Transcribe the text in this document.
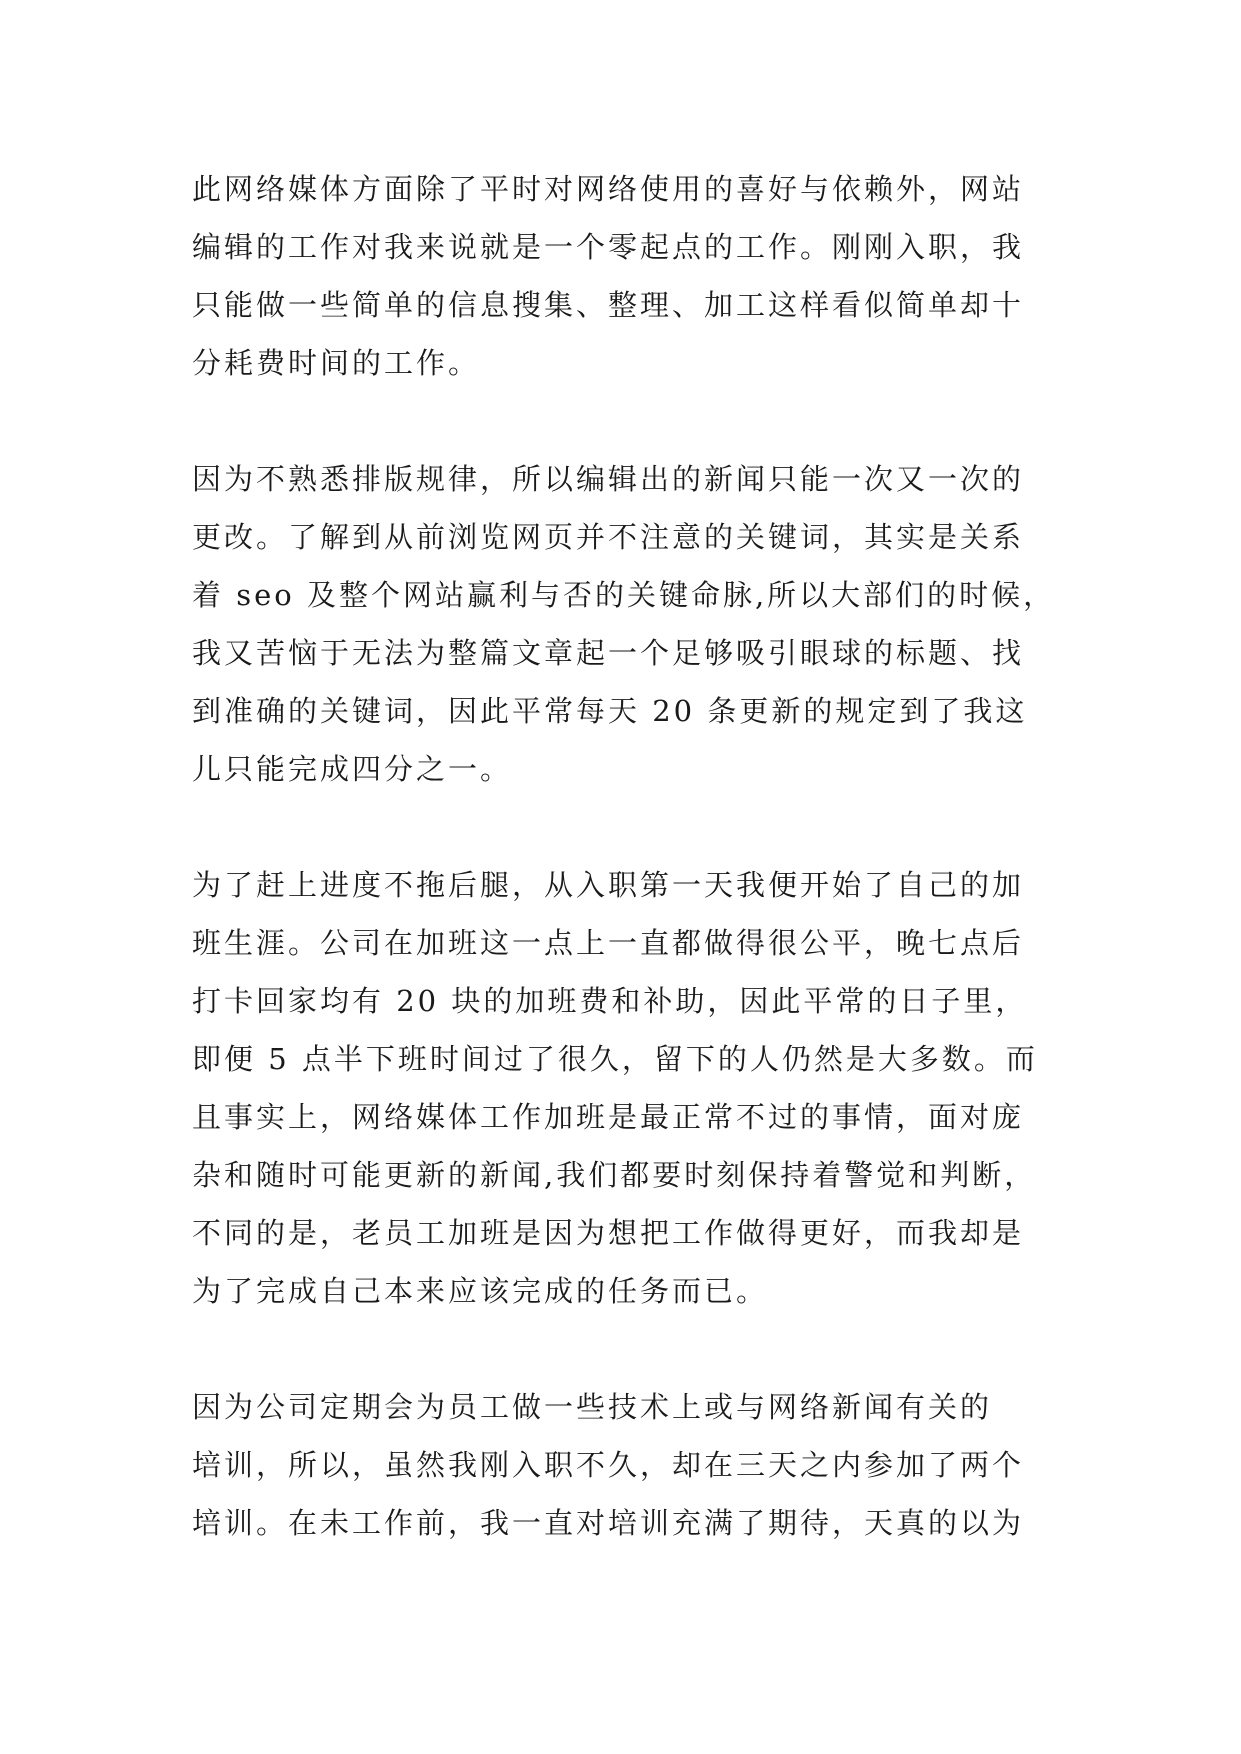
此网络媒体方面除了平时对网络使用的喜好与依赖外，网站
编辑的工作对我来说就是一个零起点的工作。刚刚入职，我
只能做一些简单的信息搜集、整理、加工这样看似简单却十
分耗费时间的工作。
因为不熟悉排版规律，所以编辑出的新闻只能一次又一次的
更改。了解到从前浏览网页并不注意的关键词，其实是关系
着 seo 及整个网站赢利与否的关键命脉,所以大部们的时候，
我又苦恼于无法为整篇文章起一个足够吸引眼球的标题、找
到准确的关键词，因此平常每天 20 条更新的规定到了我这
儿只能完成四分之一。
为了赶上进度不拖后腿，从入职第一天我便开始了自己的加
班生涯。公司在加班这一点上一直都做得很公平，晚七点后
打卡回家均有 20 块的加班费和补助，因此平常的日子里，
即便 5 点半下班时间过了很久，留下的人仍然是大多数。而
且事实上，网络媒体工作加班是最正常不过的事情，面对庞
杂和随时可能更新的新闻,我们都要时刻保持着警觉和判断，
不同的是，老员工加班是因为想把工作做得更好，而我却是
为了完成自己本来应该完成的任务而已。
因为公司定期会为员工做一些技术上或与网络新闻有关的
培训，所以，虽然我刚入职不久，却在三天之内参加了两个
培训。在未工作前，我一直对培训充满了期待，天真的以为
